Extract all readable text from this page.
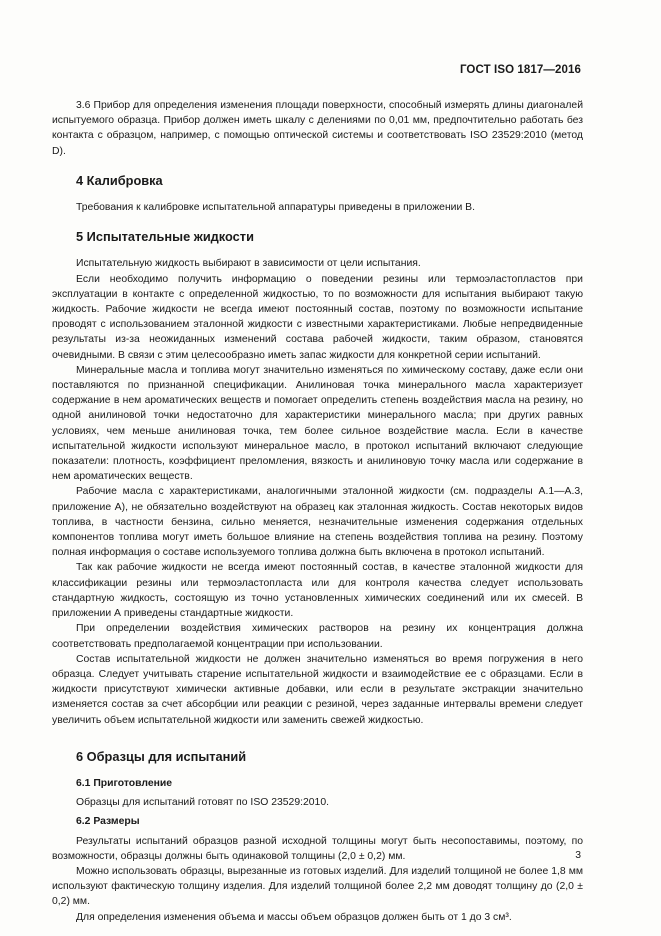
ГОСТ ISO 1817—2016

3.6 Прибор для определения изменения площади поверхности, способный измерять длины диагоналей испытуемого образца. Прибор должен иметь шкалу с делениями по 0,01 мм, предпочтительно работать без контакта с образцом, например, с помощью оптической системы и соответствовать ISO 23529:2010 (метод D).

4 Калибровка

Требования к калибровке испытательной аппаратуры приведены в приложении В.

5 Испытательные жидкости

Испытательную жидкость выбирают в зависимости от цели испытания.

Если необходимо получить информацию о поведении резины или термоэластопластов при эксплуатации в контакте с определенной жидкостью, то по возможности для испытания выбирают такую жидкость. Рабочие жидкости не всегда имеют постоянный состав, поэтому по возможности испытание проводят с использованием эталонной жидкости с известными характеристиками. Любые непредвиденные результаты из-за неожиданных изменений состава рабочей жидкости, таким образом, становятся очевидными. В связи с этим целесообразно иметь запас жидкости для конкретной серии испытаний.

Минеральные масла и топлива могут значительно изменяться по химическому составу, даже если они поставляются по признанной спецификации. Анилиновая точка минерального масла характеризует содержание в нем ароматических веществ и помогает определить степень воздействия масла на резину, но одной анилиновой точки недостаточно для характеристики минерального масла; при других равных условиях, чем меньше анилиновая точка, тем более сильное воздействие масла. Если в качестве испытательной жидкости используют минеральное масло, в протокол испытаний включают следующие показатели: плотность, коэффициент преломления, вязкость и анилиновую точку масла или содержание в нем ароматических веществ.

Рабочие масла с характеристиками, аналогичными эталонной жидкости (см. подразделы А.1—А.3, приложение А), не обязательно воздействуют на образец как эталонная жидкость. Состав некоторых видов топлива, в частности бензина, сильно меняется, незначительные изменения содержания отдельных компонентов топлива могут иметь большое влияние на степень воздействия топлива на резину. Поэтому полная информация о составе используемого топлива должна быть включена в протокол испытаний.

Так как рабочие жидкости не всегда имеют постоянный состав, в качестве эталонной жидкости для классификации резины или термоэластопласта или для контроля качества следует использовать стандартную жидкость, состоящую из точно установленных химических соединений или их смесей. В приложении А приведены стандартные жидкости.

При определении воздействия химических растворов на резину их концентрация должна соответствовать предполагаемой концентрации при использовании.

Состав испытательной жидкости не должен значительно изменяться во время погружения в него образца. Следует учитывать старение испытательной жидкости и взаимодействие ее с образцами. Если в жидкости присутствуют химически активные добавки, или если в результате экстракции значительно изменяется состав за счет абсорбции или реакции с резиной, через заданные интервалы времени следует увеличить объем испытательной жидкости или заменить свежей жидкостью.

6 Образцы для испытаний

6.1 Приготовление

Образцы для испытаний готовят по ISO 23529:2010.

6.2 Размеры

Результаты испытаний образцов разной исходной толщины могут быть несопоставимы, поэтому, по возможности, образцы должны быть одинаковой толщины (2,0 ± 0,2) мм.

Можно использовать образцы, вырезанные из готовых изделий. Для изделий толщиной не более 1,8 мм используют фактическую толщину изделия. Для изделий толщиной более 2,2 мм доводят толщину до (2,0 ± 0,2) мм.

Для определения изменения объема и массы объем образцов должен быть от 1 до 3 см³.

3
